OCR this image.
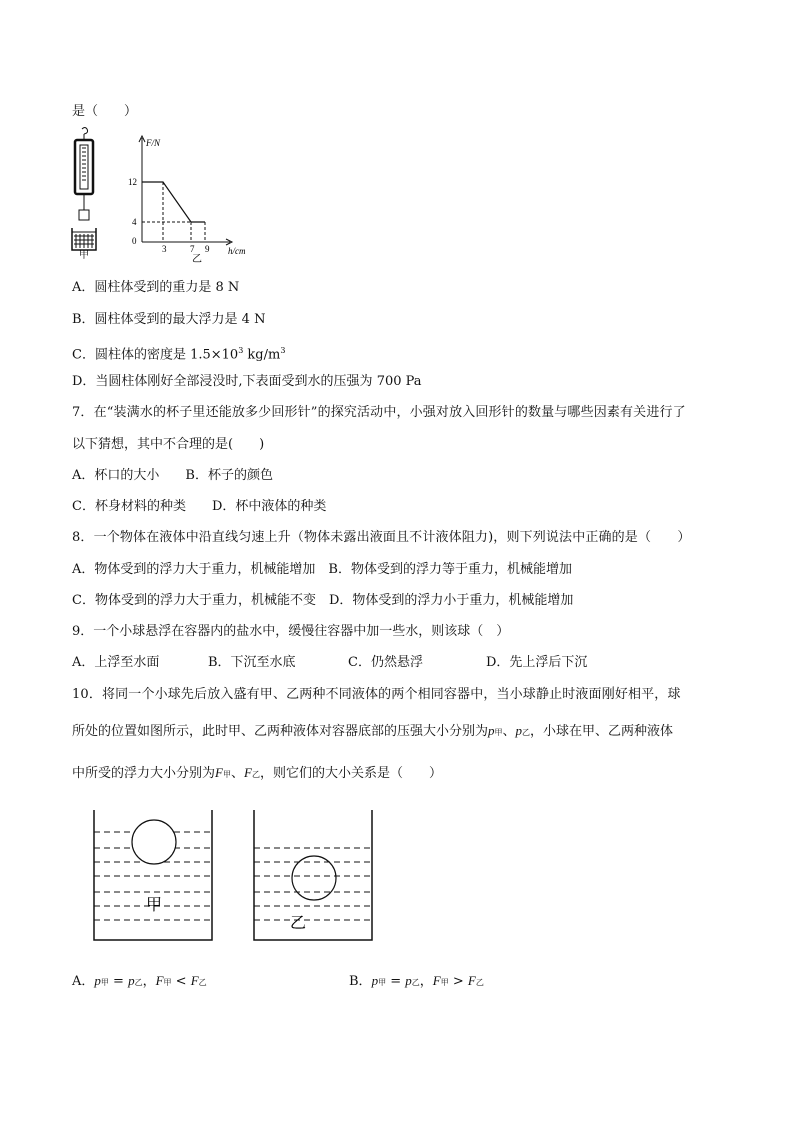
是（　　）
甲
F/N
h/cm
12
4
0
3	7 9
乙
A．圆柱体受到的重力是 8 N
B．圆柱体受到的最大浮力是 4 N
C．圆柱体的密度是 $1.5\times 10^3$ $kg/m^3$
D．当圆柱体刚好全部浸没时,下表面受到水的压强为 700 Pa
7．在“装满水的杯子里还能放多少回形针”的探究活动中，小强对放入回形针的数量与哪些因素有关进行了
以下猜想，其中不合理的是(　　)
A．杯口的大小　　B．杯子的颜色
C．杯身材料的种类　　D．杯中液体的种类
8．一个物体在液体中沿直线匀速上升（物体未露出液面且不计液体阻力)，则下列说法中正确的是（　　）
A．物体受到的浮力大于重力，机械能增加　B．物体受到的浮力等于重力，机械能增加
C．物体受到的浮力大于重力，机械能不变　D．物体受到的浮力小于重力，机械能增加
9．一个小球悬浮在容器内的盐水中，缓慢往容器中加一些水，则该球（　）
A．上浮至水面	B．下沉至水底	C．仍然悬浮	D．先上浮后下沉
10．将同一个小球先后放入盛有甲、乙两种不同液体的两个相同容器中，当小球静止时液面刚好相平，球
所处的位置如图所示，此时甲、乙两种液体对容器底部的压强大小分别为p甲、p乙，小球在甲、乙两种液体
中所受的浮力大小分别为F甲、F乙，则它们的大小关系是（　　）
甲
乙
A．p甲 = p乙，F甲 < F乙	B．p甲 = p乙，F甲 > F乙
